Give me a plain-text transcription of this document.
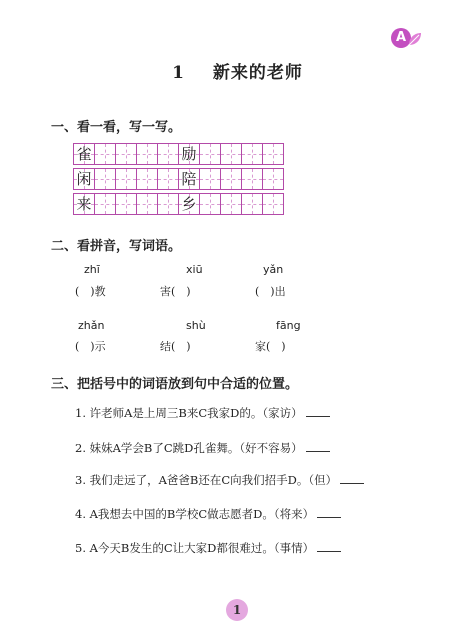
A
1 新来的老师
一、看一看，写一写。
雀	励
闲	陪
来	乡
二、看拼音，写词语。
zhī	xiū	yǎn
(　)教	害(　)	(　)出
zhǎn	shù	fāng
(　)示	结(　)	家(　)
三、把括号中的词语放到句中合适的位置。
1. 许老师A是上周三B来C我家D的。（家访）
2. 妹妹A学会B了C跳D孔雀舞。（好不容易）
3. 我们走远了，A爸爸B还在C向我们招手D。（但）
4. A我想去中国的B学校C做志愿者D。（将来）
5. A今天B发生的C让大家D都很难过。（事情）
1
